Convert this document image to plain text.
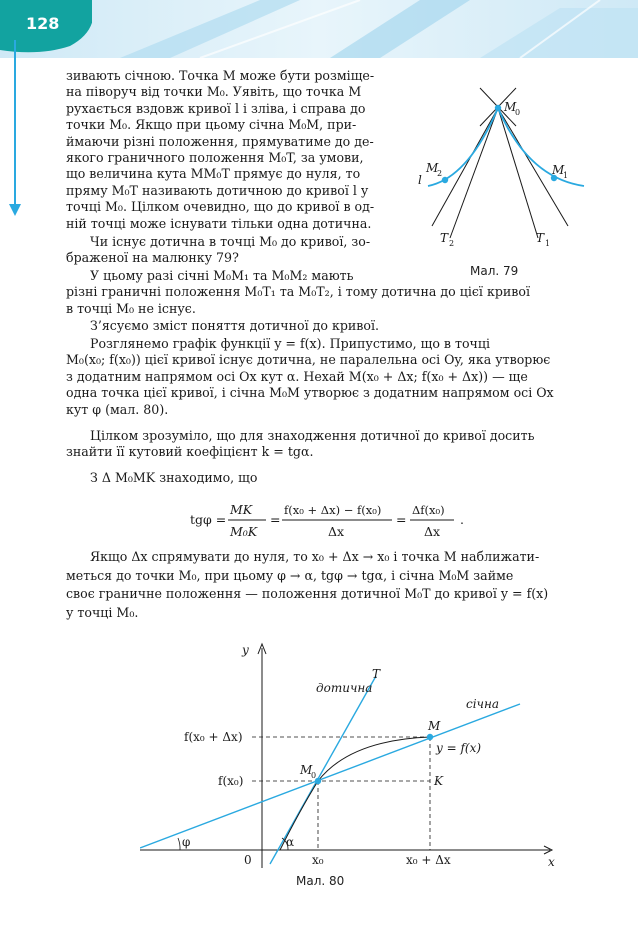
128
M
0
M
2	M
1
l
T 2	T 1
Мал. 79
зивають січною. Точка M може бути розміще-
на піворуч від точки M₀. Уявіть, що точка M
рухається вздовж кривої l і зліва, і справа до
точки M₀. Якщо при цьому січна M₀M, при-
ймаючи різні положення, прямуватиме до де-
якого граничного положення M₀T, за умови,
що величина кута MM₀T прямує до нуля, то
пряму M₀T називають дотичною до кривої l у
точці M₀. Цілком очевидно, що до кривої в од-
ній точці може існувати тільки одна дотична.
Чи існує дотична в точці M₀ до кривої, зо-
браженої на малюнку 79?
У цьому разі січні M₀M₁ та M₀M₂ мають
різні граничні положення M₀T₁ та M₀T₂, і тому дотична до цієї кривої
в точці M₀ не існує.
З’ясуємо зміст поняття дотичної до кривої.
Розглянемо графік функції y = f(x). Припустимо, що в точці
M₀(x₀; f(x₀)) цієї кривої існує дотична, не паралельна осі Oy, яка утворює
з додатним напрямом осі Ox кут α. Нехай M(x₀ + Δx; f(x₀ + Δx)) — ще
одна точка цієї кривої, і січна M₀M утворює з додатним напрямом осі Ox
кут φ (мал. 80).
Цілком зрозуміло, що для знаходження дотичної до кривої досить
знайти її кутовий коефіцієнт k = tgα.
З Δ M₀MK знаходимо, що
tgφ =
MK
M₀K
=
f(x₀ + Δx) − f(x₀)
Δx
=
Δf(x₀)
Δx
.
Якщо Δx спрямувати до нуля, то x₀ + Δx → x₀ і точка M наближати-
меться до точки M₀, при цьому φ → α, tgφ → tgα, і січна M₀M займе
своє граничне положення — положення дотичної M₀T до кривої y = f(x)
у точці M₀.
y
x
0
T
дотична
січна
M
y = f(x)
M
0	K
f(x₀ + Δx)
f(x₀)
x₀	x₀ + Δx
φ	α
Мал. 80
